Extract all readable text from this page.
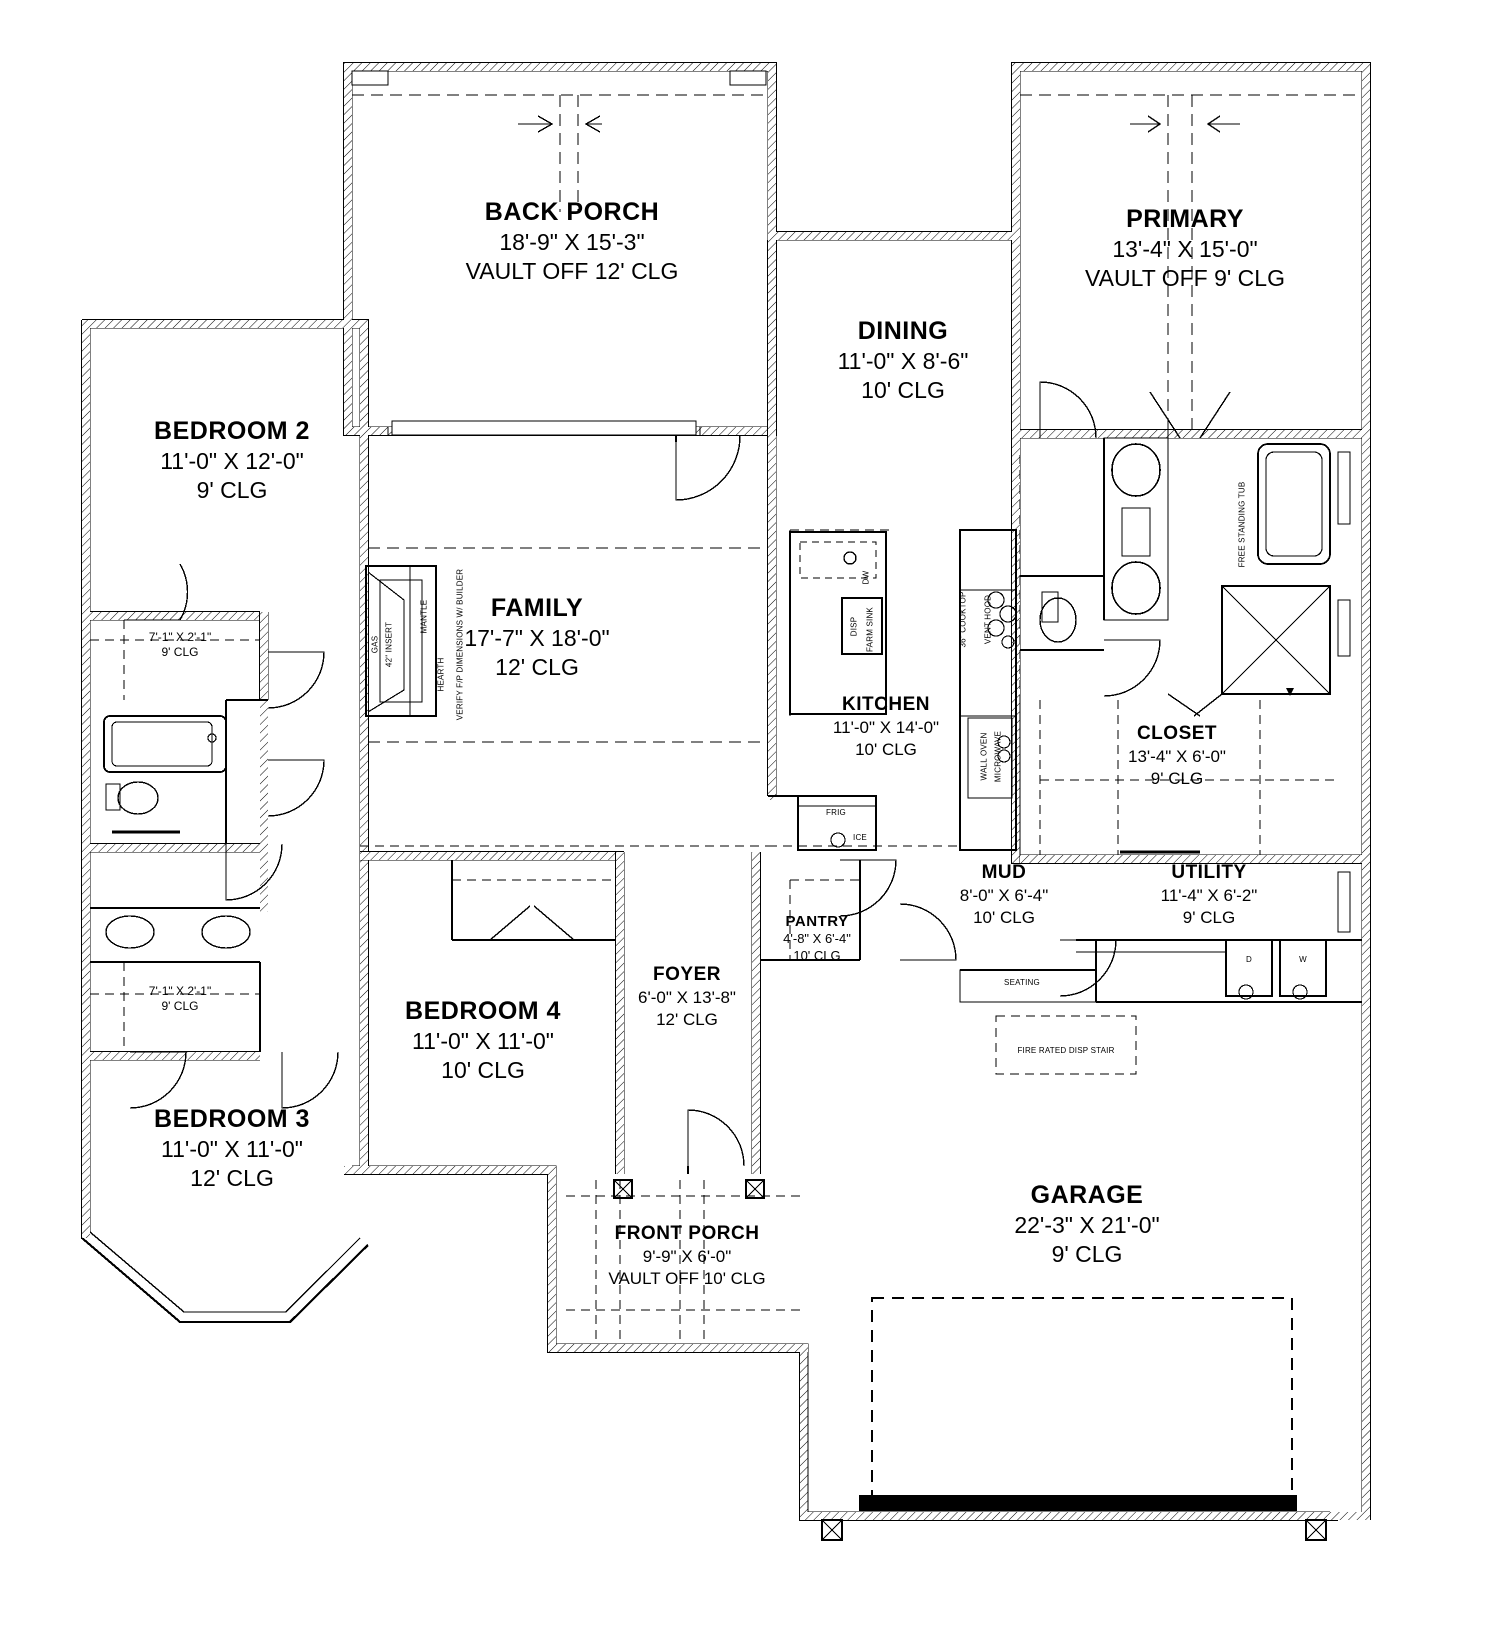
BACK PORCH
18'-9" X 15'-3"
VAULT OFF 12' CLG
PRIMARY
13'-4" X 15'-0"
VAULT OFF 9' CLG
DINING
11'-0" X 8'-6"
10' CLG
BEDROOM 2
11'-0" X 12'-0"
9' CLG
FAMILY
17'-7" X 18'-0"
12' CLG
7'-1" X 2'-1"
9' CLG
KITCHEN
11'-0" X 14'-0"
10' CLG
CLOSET
13'-4" X 6'-0"
9' CLG
MUD
8'-0" X 6'-4"
10' CLG
UTILITY
11'-4" X 6'-2"
9' CLG
7'-1" X 2'-1"
9' CLG
PANTRY
4'-8" X 6'-4"
10' CLG
FOYER
6'-0" X 13'-8"
12' CLG
BEDROOM 4
11'-0" X 11'-0"
10' CLG
BEDROOM 3
11'-0" X 11'-0"
12' CLG
GARAGE
22'-3" X 21'-0"
9' CLG
FRONT PORCH
9'-9" X 6'-0"
VAULT OFF 10' CLG
FREE STANDING TUB
MANTLE	VERIFY F/P DIMENSIONS W/ BUILDER
HEARTH
42" INSERT
GAS
DW
DISP FARM SINK	36" COOKTOP VENT HOOD
WALL OVEN MICROWAVE
FRIG
ICE
SEATING
FIRE RATED DISP STAIR
D	W
